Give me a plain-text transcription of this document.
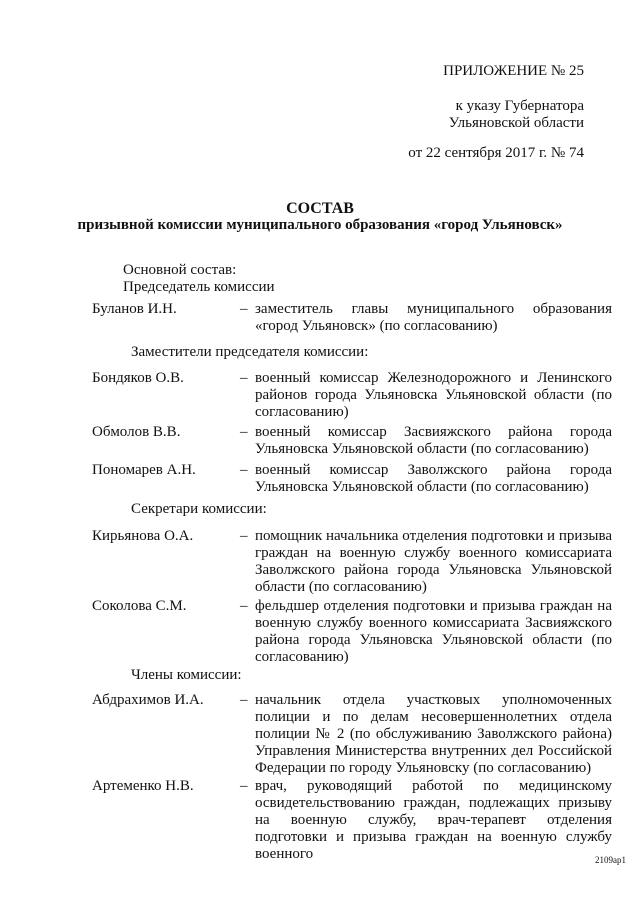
ПРИЛОЖЕНИЕ № 25
к указу Губернатора
Ульяновской области
от 22 сентября 2017 г. № 74
СОСТАВ
призывной комиссии муниципального образования «город Ульяновск»
Основной состав:
Председатель комиссии
Буланов И.Н.	– заместитель главы муниципального образования «город Ульяновск» (по согласованию)
Заместители председателя комиссии:
Бондяков О.В.	– военный комиссар Железнодорожного и Ленинского районов города Ульяновска Ульяновской области (по согласованию)
Обмолов В.В.	– военный комиссар Засвияжского района города Ульяновска Ульяновской области (по согласованию)
Пономарев А.Н.	– военный комиссар Заволжского района города Ульяновска Ульяновской области (по согласованию)
Секретари комиссии:
Кирьянова О.А.	– помощник начальника отделения подготовки и призыва граждан на военную службу военного комиссариата Заволжского района города Ульяновска Ульяновской области (по согласованию)
Соколова С.М.	– фельдшер отделения подготовки и призыва граждан на военную службу военного комиссариата Засвияжского района города Ульяновска Ульяновской области (по согласованию)
Члены комиссии:
Абдрахимов И.А. – начальник отдела участковых уполномоченных полиции и по делам несовершеннолетних отдела полиции № 2 (по обслуживанию Заволжского района) Управления Министерства внутренних дел Российской Федерации по городу Ульяновску (по согласованию)
Артеменко Н.В.	– врач, руководящий работой по медицинскому освидетельствованию граждан, подлежащих призыву на военную службу, врач-терапевт отделения подготовки и призыва граждан на военную службу военного	2109ар1
